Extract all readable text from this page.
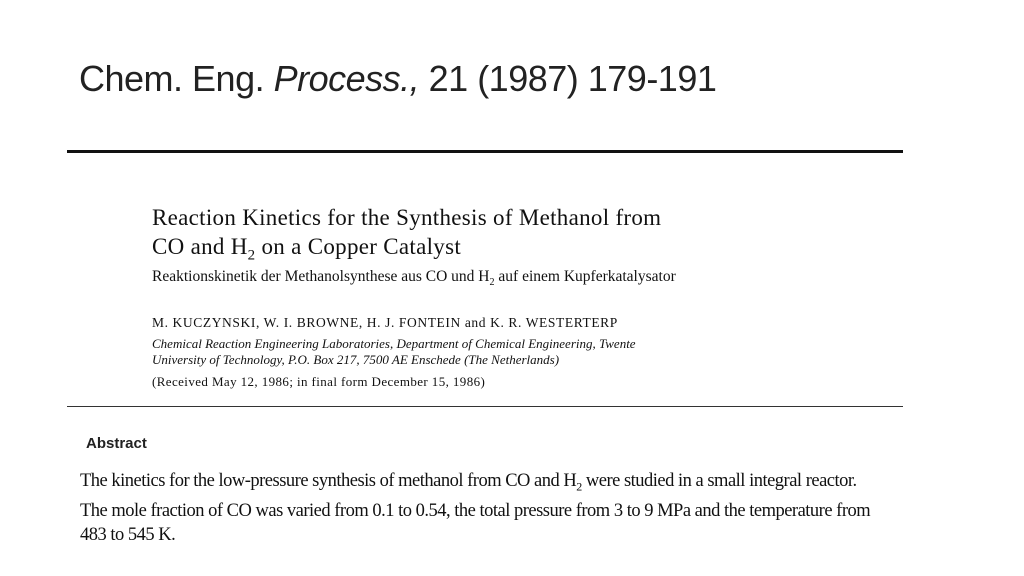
Chem. Eng. Process., 21 (1987) 179-191
Reaction Kinetics for the Synthesis of Methanol from
CO and $H_2$ on a Copper Catalyst
Reaktionskinetik der Methanolsynthese aus CO und $H_2$ auf einem Kupferkatalysator
M. KUCZYNSKI, W. I. BROWNE, H. J. FONTEIN and K. R. WESTERTERP
Chemical Reaction Engineering Laboratories, Department of Chemical Engineering, Twente
University of Technology, P.O. Box 217, 7500 AE Enschede (The Netherlands)
(Received May 12, 1986; in final form December 15, 1986)
Abstract
The kinetics for the low-pressure synthesis of methanol from CO and $H_2$ were studied in a small integral reactor.
The mole fraction of CO was varied from 0.1 to 0.54, the total pressure from 3 to 9 MPa and the temperature from
483 to 545 K.
